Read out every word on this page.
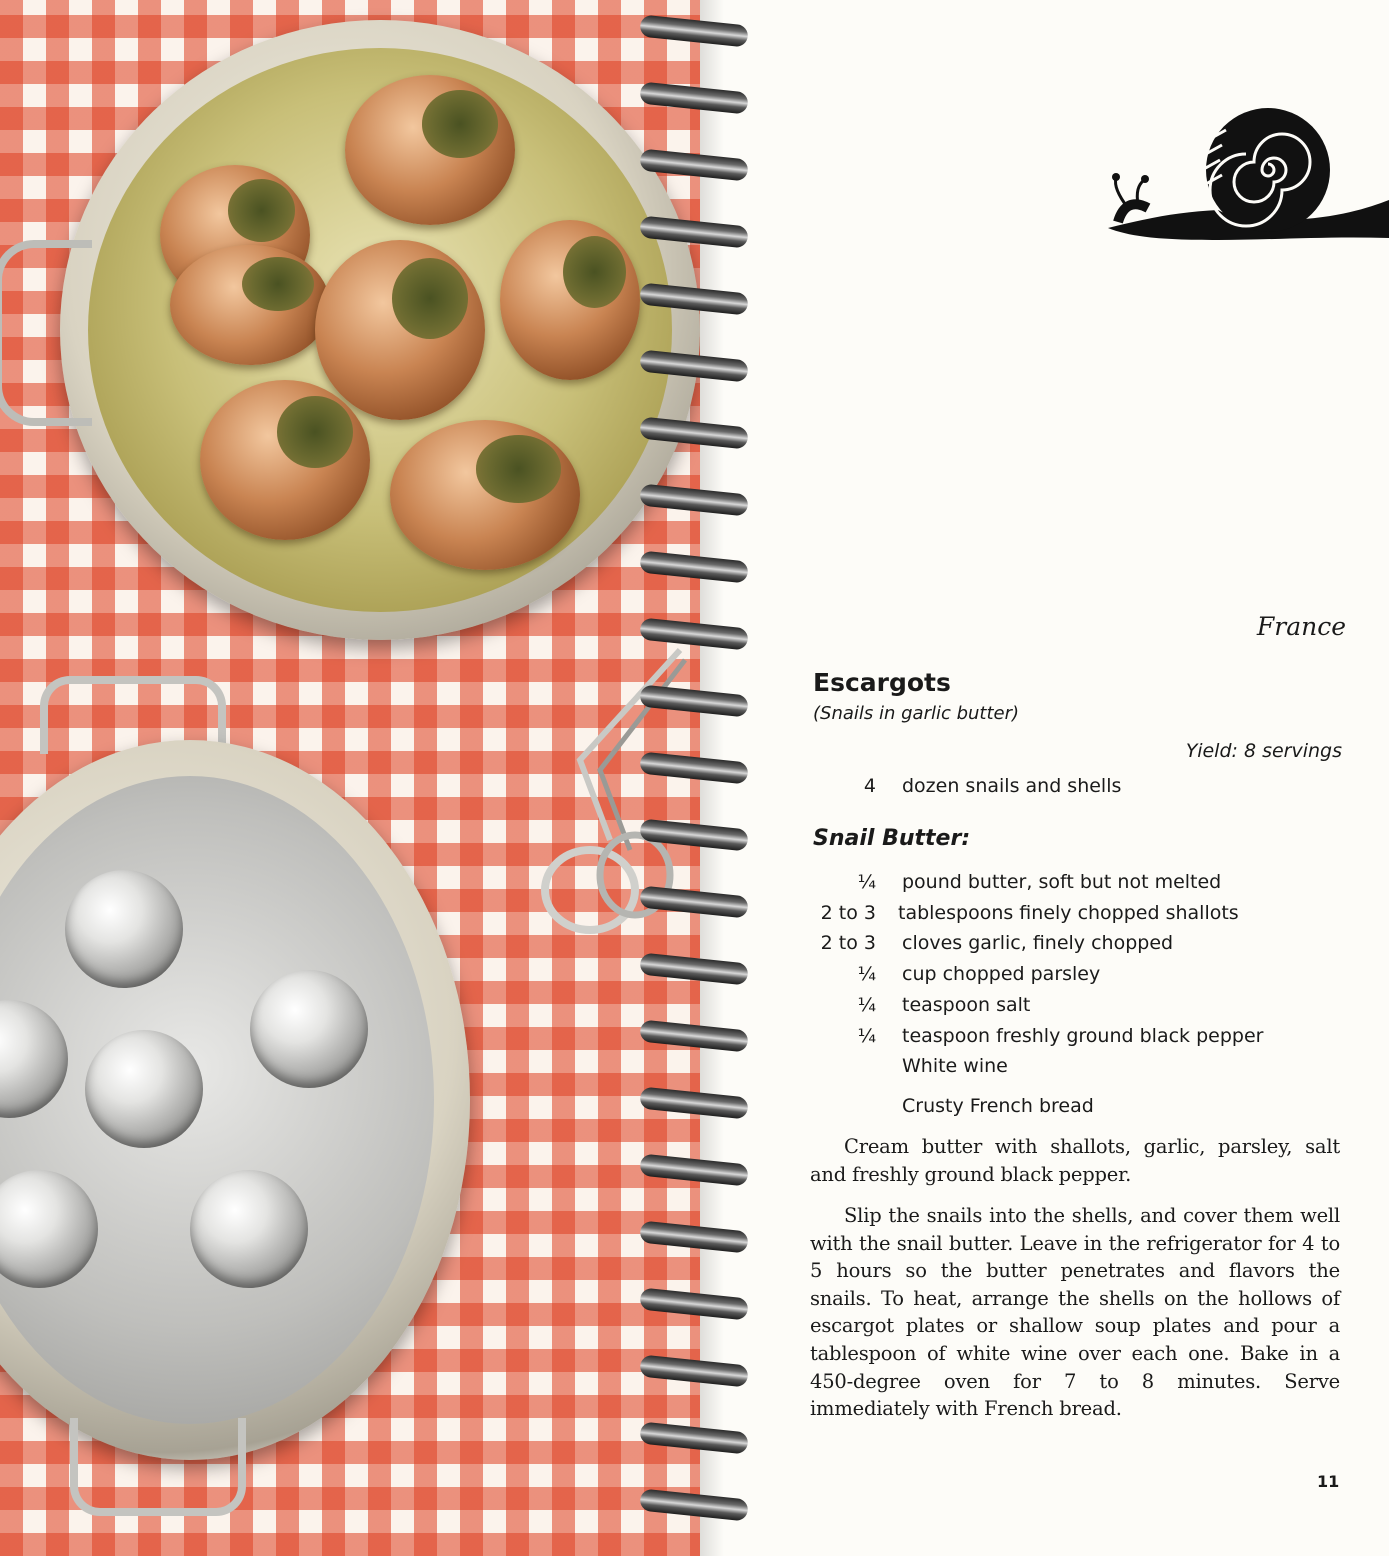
France
Escargots
(Snails in garlic butter)
Yield: 8 servings
4 dozen snails and shells
Snail Butter:
¼ pound butter, soft but not melted
2 to 3 tablespoons finely chopped shallots
2 to 3 cloves garlic, finely chopped
¼ cup chopped parsley
¼ teaspoon salt
¼ teaspoon freshly ground black pepper
White wine
Crusty French bread

Cream butter with shallots, garlic, parsley, salt and freshly ground black pepper.

Slip the snails into the shells, and cover them well with the snail butter. Leave in the refrigerator for 4 to 5 hours so the butter penetrates and flavors the snails. To heat, arrange the shells on the hollows of escargot plates or shallow soup plates and pour a tablespoon of white wine over each one. Bake in a 450-degree oven for 7 to 8 minutes. Serve immediately with French bread.

11
